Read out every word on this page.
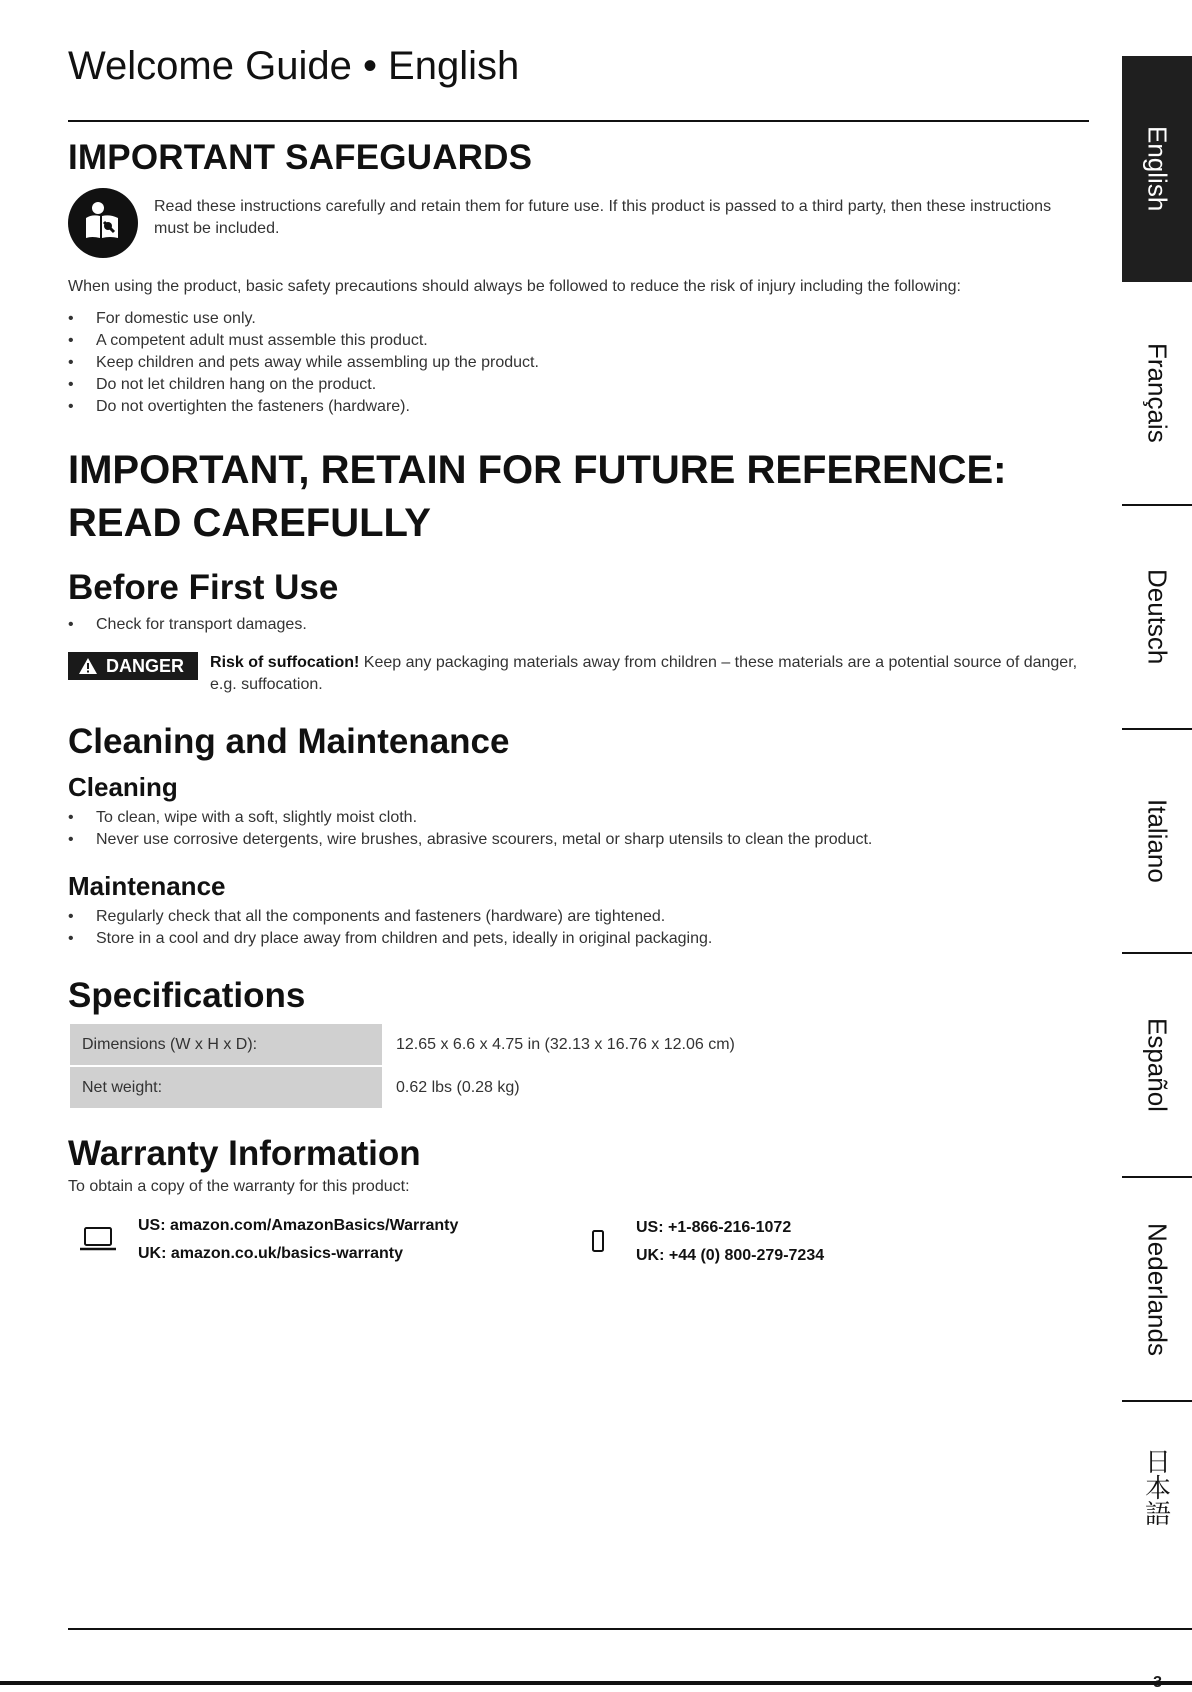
Welcome Guide • English
IMPORTANT SAFEGUARDS

Read these instructions carefully and retain them for future use. If this product is passed to a third party, then these instructions must be included.

When using the product, basic safety precautions should always be followed to reduce the risk of injury including the following:

• For domestic use only.
• A competent adult must assemble this product.
• Keep children and pets away while assembling up the product.
• Do not let children hang on the product.
• Do not overtighten the fasteners (hardware).
IMPORTANT, RETAIN FOR FUTURE REFERENCE:
READ CAREFULLY
Before First Use
• Check for transport damages.
DANGER Risk of suffocation! Keep any packaging materials away from children – these materials are a potential source of danger, e.g. suffocation.

Cleaning and Maintenance
Cleaning
• To clean, wipe with a soft, slightly moist cloth.
• Never use corrosive detergents, wire brushes, abrasive scourers, metal or sharp utensils to clean the product.
Maintenance
• Regularly check that all the components and fasteners (hardware) are tightened.
• Store in a cool and dry place away from children and pets, ideally in original packaging.
Specifications
Dimensions (W x H x D):	12.65 x 6.6 x 4.75 in (32.13 x 16.76 x 12.06 cm)
Net weight:	0.62 lbs (0.28 kg)
Warranty Information

To obtain a copy of the warranty for this product:

US: amazon.com/AmazonBasics/Warranty

UK: amazon.co.uk/basics-warranty

US: +1-866-216-1072

UK: +44 (0) 800-279-7234

English
Français
Deutsch
Italiano
Español
Nederlands
日本語
